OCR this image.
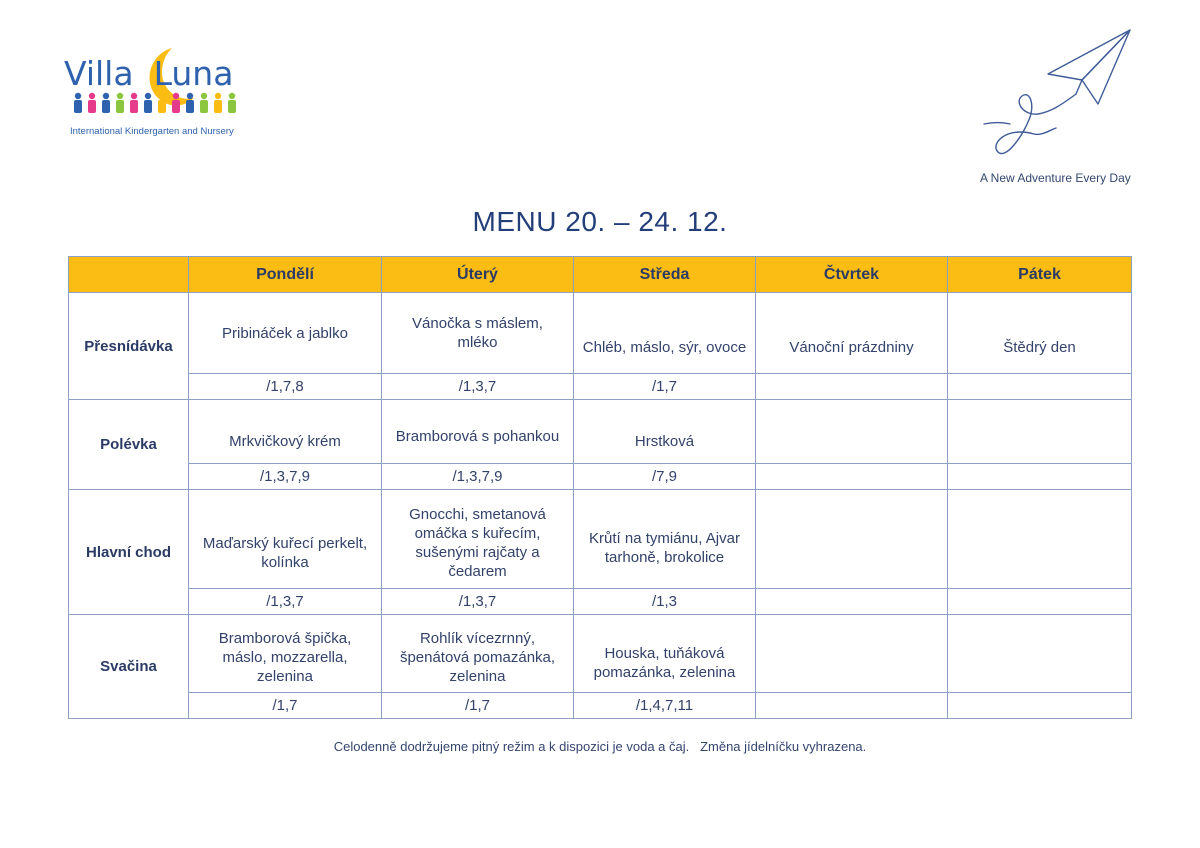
Villa Luna
International Kindergarten and Nursery
A New Adventure Every Day
MENU 20. – 24. 12.
	Pondělí	Úterý	Středa	Čtvrtek	Pátek
Přesnídávka	Pribináček a jablko	Vánočka s máslem, mléko	Chléb, máslo, sýr, ovoce	Vánoční prázdniny	Štědrý den
	/1,7,8	/1,3,7	/1,7		
Polévka	Mrkvičkový krém	Bramborová s pohankou	Hrstková		
	/1,3,7,9	/1,3,7,9	/7,9		
Hlavní chod	Maďarský kuřecí perkelt, kolínka	Gnocchi, smetanová omáčka s kuřecím, sušenými rajčaty a čedarem	Krůtí na tymiánu, Ajvar tarhoně, brokolice		
	/1,3,7	/1,3,7	/1,3		
Svačina	Bramborová špička, máslo, mozzarella, zelenina	Rohlík vícezrnný, špenátová pomazánka, zelenina	Houska, tuňáková pomazánka, zelenina		
	/1,7	/1,7	/1,4,7,11		
Celodenně dodržujeme pitný režim a k dispozici je voda a čaj.   Změna jídelníčku vyhrazena.
